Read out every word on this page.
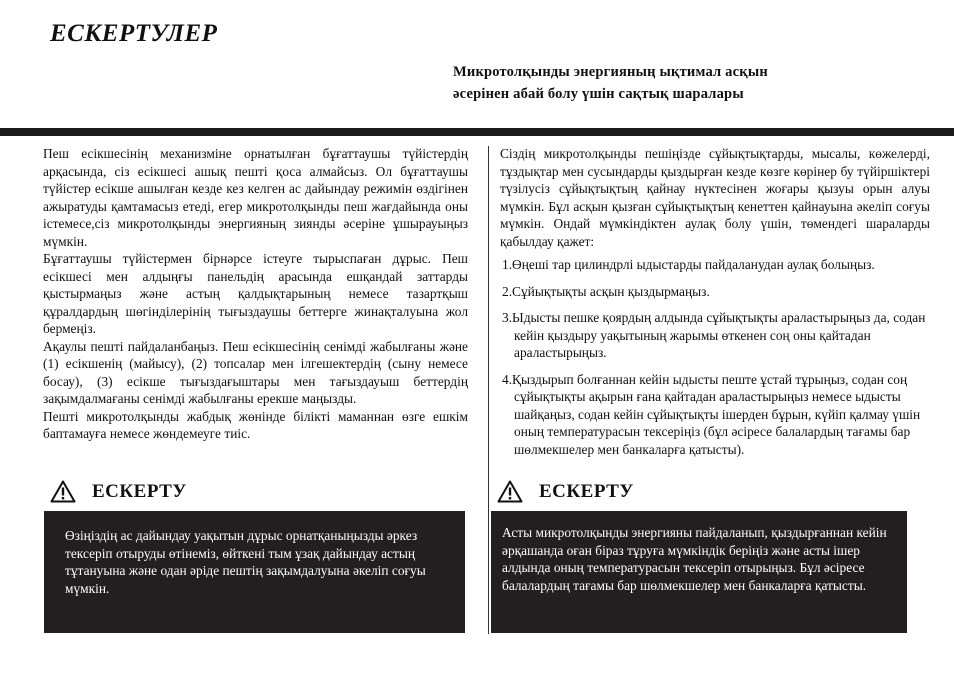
ЕСКЕРТУЛЕР
Микротолқынды энергияның ықтимал асқын
әсерінен абай болу үшін сақтық шаралары

Пеш есікшесінің механизміне орнатылған бұғаттаушы түйістердің арқасында, сіз есікшесі ашық пешті қоса алмайсыз. Ол бұғаттаушы түйістер есікше ашылған кезде кез келген ас дайындау режимін өздігінен ажыратуды қамтамасыз етеді, егер микротолқынды пеш жағдайында оны істемесе,сіз микротолқынды энергияның зиянды әсеріне ұшырауыңыз мүмкін.

Бұғаттаушы түйістермен бірнәрсе істеуге тырыспаған дұрыс. Пеш есікшесі мен алдыңғы панельдің арасында ешқандай заттарды қыстырмаңыз және астың қалдықтарының немесе тазартқыш құралдардың шөгінділерінің тығыздаушы беттерге жинақталуына жол бермеңіз.

Ақаулы пешті пайдаланбаңыз. Пеш есікшесінің сенімді жабылғаны және (1) есікшенің (майысу), (2) топсалар мен ілгешектердің (сыну немесе босау), (3) есікше тығыздағыштары мен тағыздауыш беттердің зақымдалмағаны сенімді жабылғаны ерекше маңызды.

Пешті микротолқынды жабдық жөнінде білікті маманнан өзге ешкім баптамауға немесе жөндемеуге тиіс.

Сіздің микротолқынды пешіңізде сұйықтықтарды, мысалы, көжелерді, тұздықтар мен сусындарды қыздырған кезде көзге көрінер бу түйіршіктері түзілусіз сұйықтықтың қайнау нүктесінен жоғары қызуы орын алуы мүмкін. Бұл асқын қызған сұйықтықтың кенеттен қайнауына әкеліп соғуы мүмкін. Ондай мүмкіндіктен аулақ болу үшін, төмендегі шараларды қабылдау қажет:

1.Өңеші тар цилиндрлі ыдыстарды пайдаланудан аулақ болыңыз.

2.Сұйықтықты асқын қыздырмаңыз.

3.Ыдысты пешке қоярдың алдында сұйықтықты араластырыңыз да, содан кейін қыздыру уақытының жарымы өткенен соң оны қайтадан араластырыңыз.

4.Қыздырып болғаннан кейін ыдысты пеште ұстай тұрыңыз, содан соң сұйықтықты ақырын ғана қайтадан араластырыңыз немесе ыдысты шайқаңыз, содан кейін сұйықтықты ішерден бұрын, күйіп қалмау үшін оның температурасын тексеріңіз (бұл әсіресе балалардың тағамы бар шөлмекшелер мен банкаларға қатысты).

ЕСКЕРТУ
Өзіңіздің ас дайындау уақытын дұрыс орнатқаныңызды әркез тексеріп отыруды өтінеміз, өйткені тым ұзақ дайындау астың тұтануына және одан әріде пештің зақымдалуына әкеліп соғуы мүмкін.
ЕСКЕРТУ
Асты микротолқынды энергияны пайдаланып, қыздырғаннан кейін әрқашанда оған біраз тұруға мүмкіндік беріңіз және асты ішер алдында оның температурасын тексеріп отырыңыз. Бұл әсіресе балалардың тағамы бар шөлмекшелер мен банкаларға қатысты.
